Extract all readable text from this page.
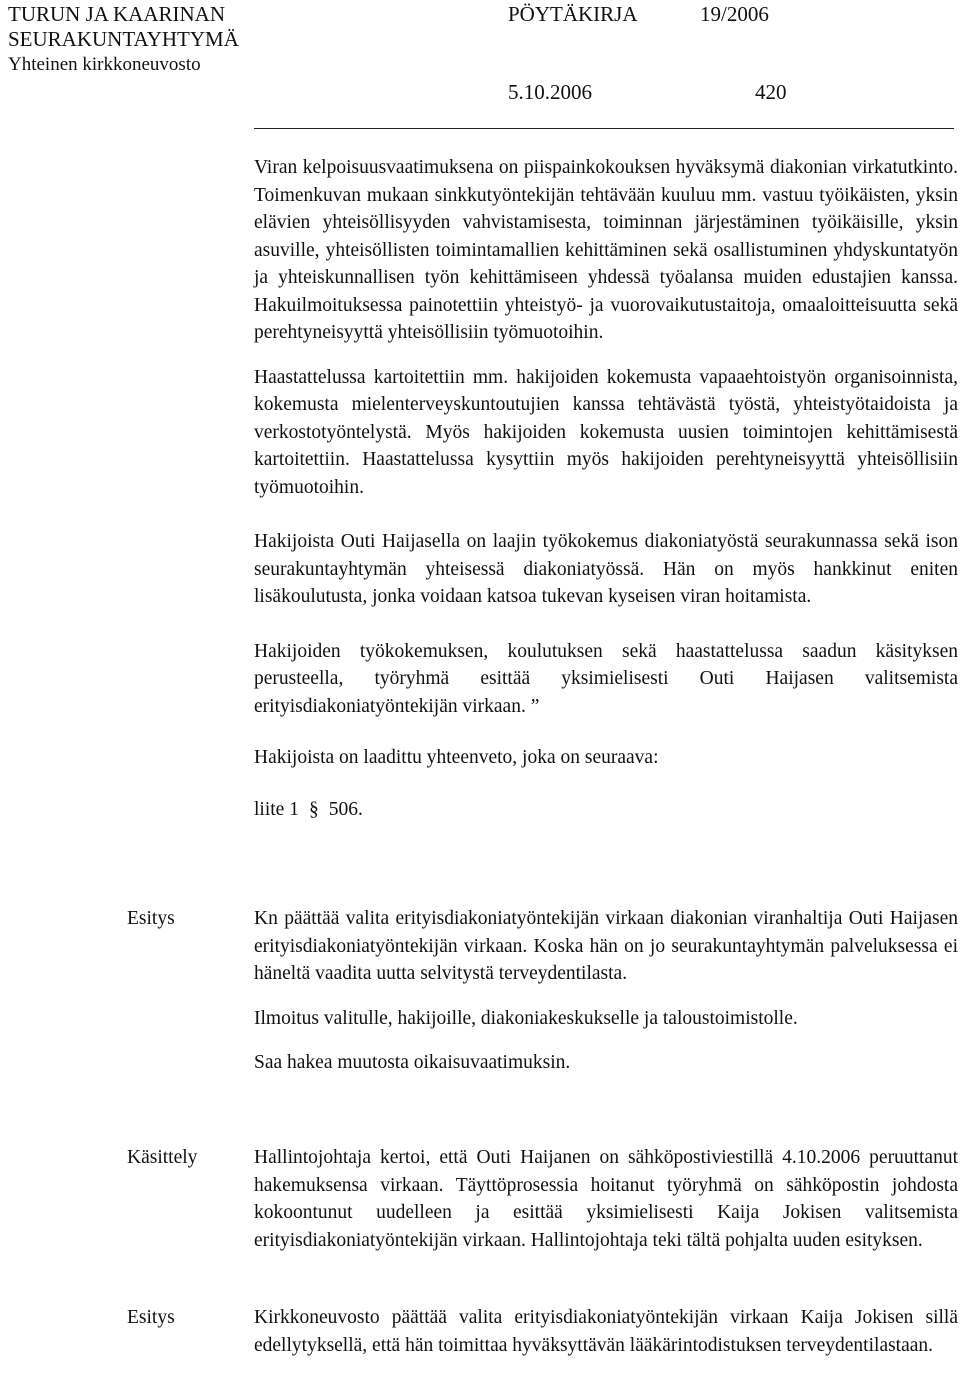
TURUN JA KAARINAN
SEURAKUNTAYHTYMÄ
Yhteinen kirkkoneuvosto
PÖYTÄKIRJA	19/2006
5.10.2006	420

Viran kelpoisuusvaatimuksena on piispainkokouksen hyväksymä diakonian virkatutkinto. Toimenkuvan mukaan sinkkutyöntekijän tehtävään kuuluu mm. vastuu työikäisten, yksin elävien yhteisöllisyyden vahvistamisesta, toiminnan järjestäminen työikäisille, yksin asuville, yhteisöllisten toimintamallien kehittäminen sekä osallistuminen yhdyskuntatyön ja yhteiskunnallisen työn kehittämiseen yhdessä työalansa muiden edustajien kanssa. Hakuilmoituksessa painotettiin yhteistyö- ja vuorovaikutustaitoja, omaaloitteisuutta sekä perehtyneisyyttä yhteisöllisiin työmuotoihin.

Haastattelussa kartoitettiin mm. hakijoiden kokemusta vapaaehtoistyön organisoinnista, kokemusta mielenterveyskuntoutujien kanssa tehtävästä työstä, yhteistyötaidoista ja verkostotyöntelystä. Myös hakijoiden kokemusta uusien toimintojen kehittämisestä kartoitettiin. Haastattelussa kysyttiin myös hakijoiden perehtyneisyyttä yhteisöllisiin työmuotoihin.

Hakijoista Outi Haijasella on laajin työkokemus diakoniatyöstä seurakunnassa sekä ison seurakuntayhtymän yhteisessä diakoniatyössä. Hän on myös hankkinut eniten lisäkoulutusta, jonka voidaan katsoa tukevan kyseisen viran hoitamista.

Hakijoiden työkokemuksen, koulutuksen sekä haastattelussa saadun käsityksen perusteella, työryhmä esittää yksimielisesti Outi Haijasen valitsemista erityisdiakoniatyöntekijän virkaan. ”

Hakijoista on laadittu yhteenveto, joka on seuraava:

liite 1 § 506.

Esitys	Kn päättää valita erityisdiakoniatyöntekijän virkaan diakonian viranhaltija Outi Haijasen erityisdiakoniatyöntekijän virkaan. Koska hän on jo seurakuntayhtymän palveluksessa ei häneltä vaadita uutta selvitystä terveydentilasta.

Ilmoitus valitulle, hakijoille, diakoniakeskukselle ja taloustoimistolle.

Saa hakea muutosta oikaisuvaatimuksin.

Käsittely	Hallintojohtaja kertoi, että Outi Haijanen on sähköpostiviestillä 4.10.2006 peruuttanut hakemuksensa virkaan. Täyttöprosessia hoitanut työryhmä on sähköpostin johdosta kokoontunut uudelleen ja esittää yksimielisesti Kaija Jokisen valitsemista erityisdiakoniatyöntekijän virkaan. Hallintojohtaja teki tältä pohjalta uuden esityksen.

Esitys	Kirkkoneuvosto päättää valita erityisdiakoniatyöntekijän virkaan Kaija Jokisen sillä edellytyksellä, että hän toimittaa hyväksyttävän lääkärintodistuksen terveydentilastaan.
